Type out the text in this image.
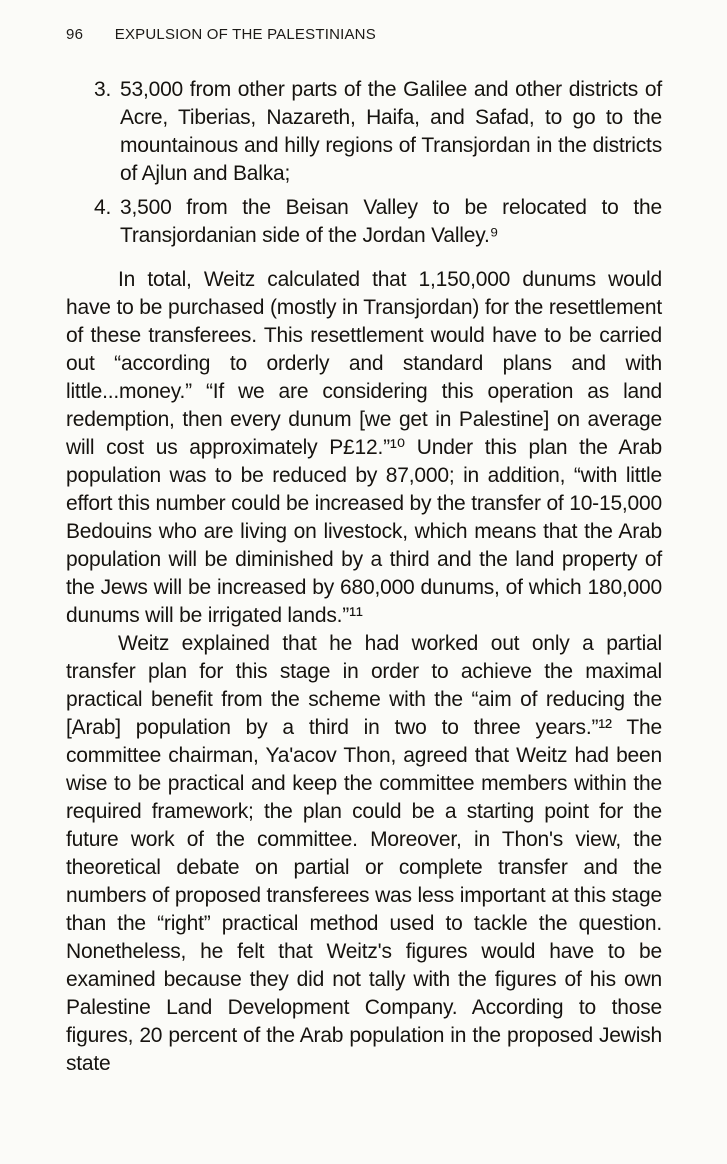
96 EXPULSION OF THE PALESTINIANS
3. 53,000 from other parts of the Galilee and other districts of Acre, Tiberias, Nazareth, Haifa, and Safad, to go to the mountainous and hilly regions of Transjordan in the districts of Ajlun and Balka;
4. 3,500 from the Beisan Valley to be relocated to the Transjordanian side of the Jordan Valley.⁹

In total, Weitz calculated that 1,150,000 dunums would have to be purchased (mostly in Transjordan) for the resettlement of these transferees. This resettlement would have to be carried out “according to orderly and standard plans and with little...money.” “If we are considering this operation as land redemption, then every dunum [we get in Palestine] on average will cost us approximately P£12.”¹⁰ Under this plan the Arab population was to be reduced by 87,000; in addition, “with little effort this number could be increased by the transfer of 10-15,000 Bedouins who are living on livestock, which means that the Arab population will be diminished by a third and the land property of the Jews will be increased by 680,000 dunums, of which 180,000 dunums will be irrigated lands.”¹¹

Weitz explained that he had worked out only a partial transfer plan for this stage in order to achieve the maximal practical benefit from the scheme with the “aim of reducing the [Arab] population by a third in two to three years.”¹² The committee chairman, Ya'acov Thon, agreed that Weitz had been wise to be practical and keep the committee members within the required framework; the plan could be a starting point for the future work of the committee. Moreover, in Thon's view, the theoretical debate on partial or complete transfer and the numbers of proposed transferees was less important at this stage than the “right” practical method used to tackle the question. Nonetheless, he felt that Weitz's figures would have to be examined because they did not tally with the figures of his own Palestine Land Development Company. According to those figures, 20 percent of the Arab population in the proposed Jewish state
